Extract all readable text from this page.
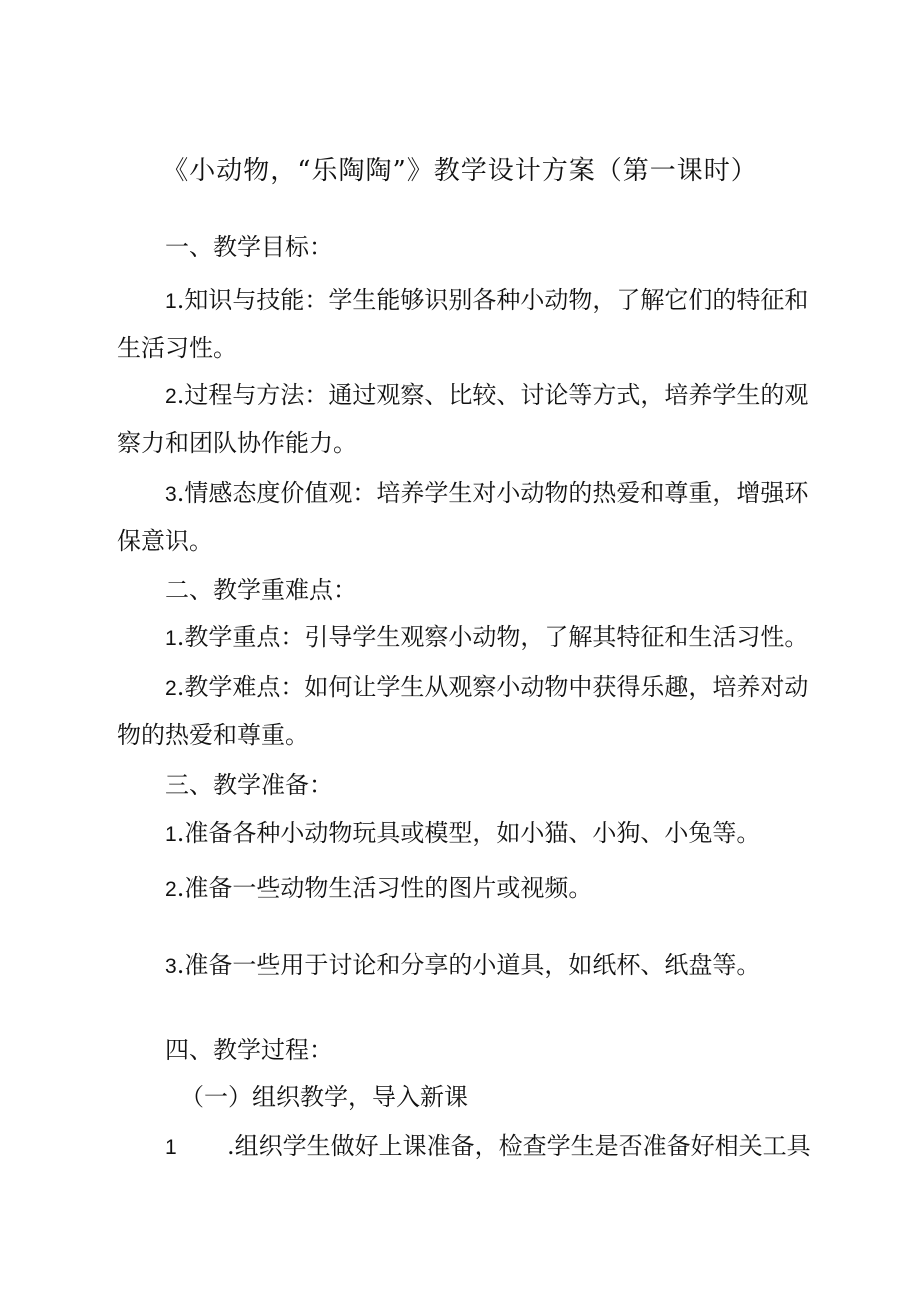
《小动物，“乐陶陶”》教学设计方案（第一课时）
一、教学目标：
1.知识与技能：学生能够识别各种小动物，了解它们的特征和
生活习性。
2.过程与方法：通过观察、比较、讨论等方式，培养学生的观
察力和团队协作能力。
3.情感态度价值观：培养学生对小动物的热爱和尊重，增强环
保意识。
二、教学重难点：
1.教学重点：引导学生观察小动物，了解其特征和生活习性。
2.教学难点：如何让学生从观察小动物中获得乐趣，培养对动
物的热爱和尊重。
三、教学准备：
1.准备各种小动物玩具或模型，如小猫、小狗、小兔等。
2.准备一些动物生活习性的图片或视频。
3.准备一些用于讨论和分享的小道具，如纸杯、纸盘等。
四、教学过程：
（一）组织教学，导入新课
1 .组织学生做好上课准备，检查学生是否准备好相关工具
